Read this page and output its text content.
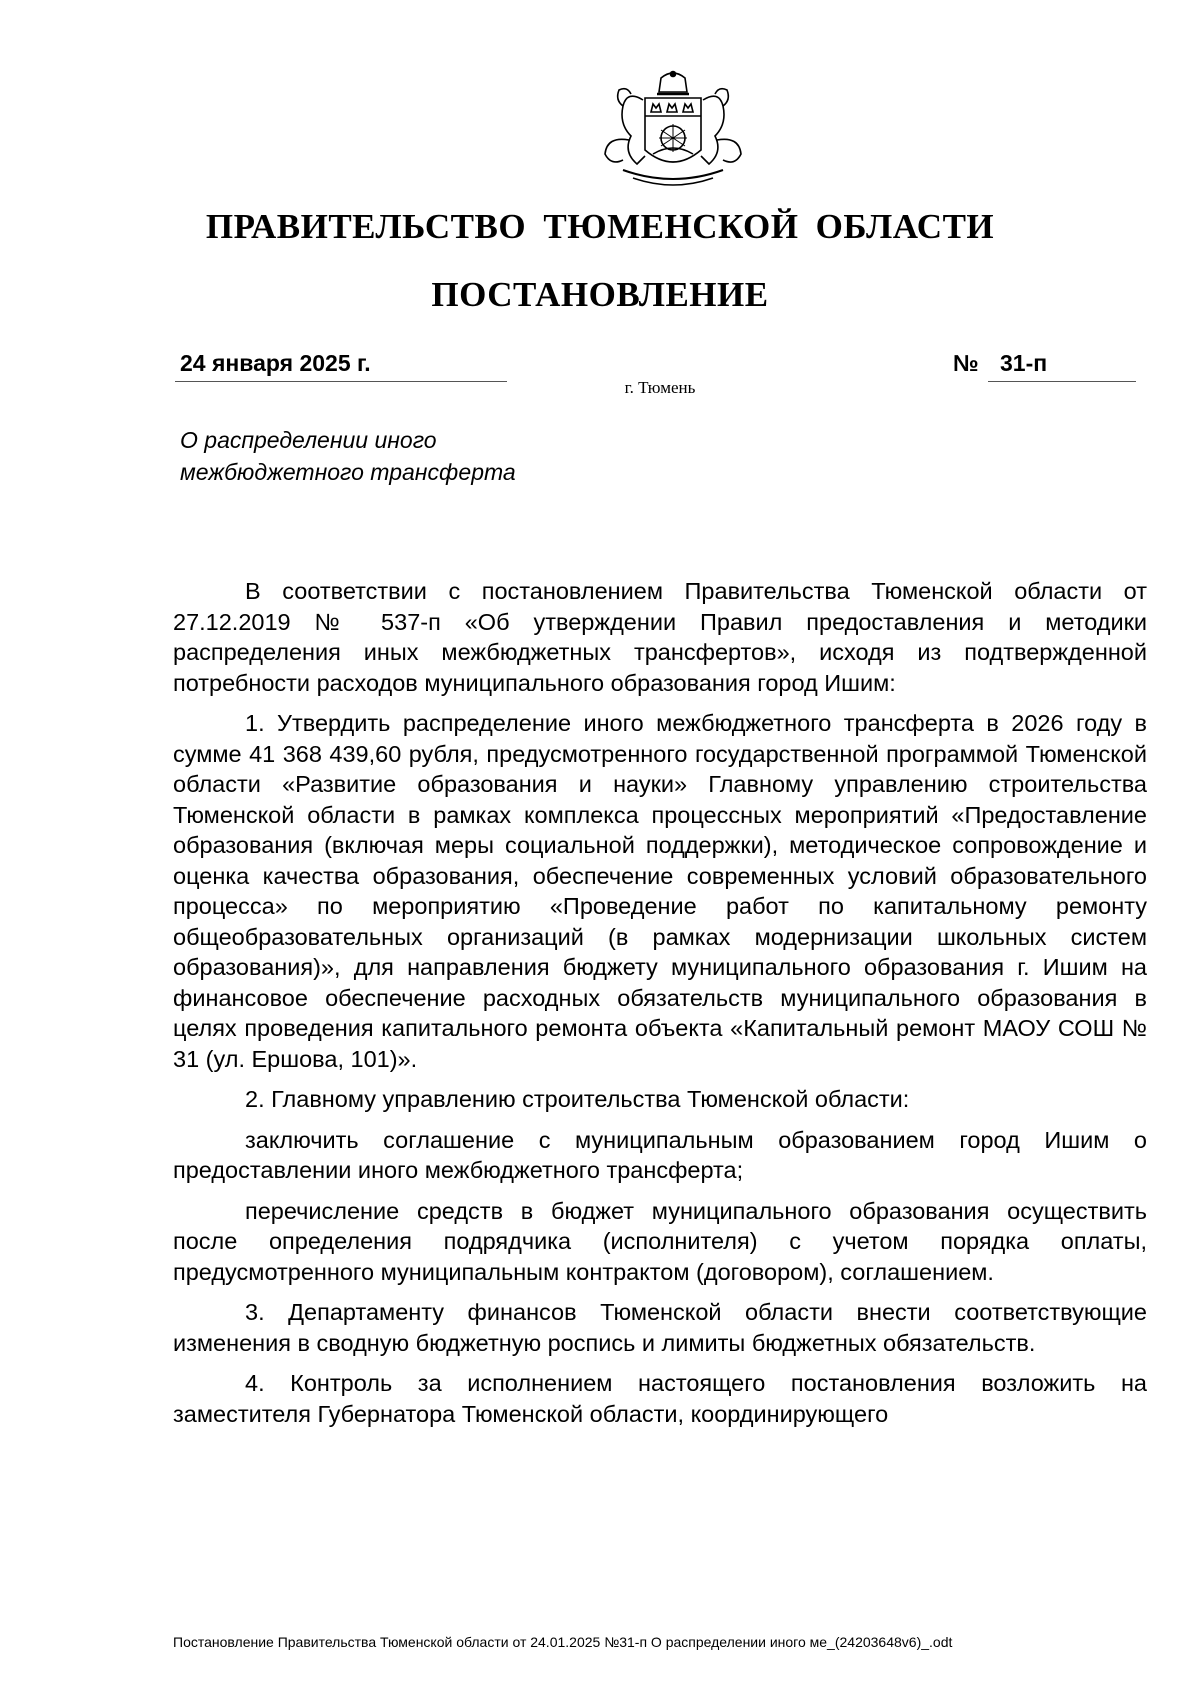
ПРАВИТЕЛЬСТВО ТЮМЕНСКОЙ ОБЛАСТИ
ПОСТАНОВЛЕНИЕ
24 января 2025 г.	№ 31-п
г. Тюмень
О распределении иного
межбюджетного трансферта

В соответствии с постановлением Правительства Тюменской области от 27.12.2019 № 537-п «Об утверждении Правил предоставления и методики распределения иных межбюджетных трансфертов», исходя из подтвержденной потребности расходов муниципального образования город Ишим:

1. Утвердить распределение иного межбюджетного трансферта в 2026 году в сумме 41 368 439,60 рубля, предусмотренного государственной программой Тюменской области «Развитие образования и науки» Главному управлению строительства Тюменской области в рамках комплекса процессных мероприятий «Предоставление образования (включая меры социальной поддержки), методическое сопровождение и оценка качества образования, обеспечение современных условий образовательного процесса» по мероприятию «Проведение работ по капитальному ремонту общеобразовательных организаций (в рамках модернизации школьных систем образования)», для направления бюджету муниципального образования г. Ишим на финансовое обеспечение расходных обязательств муниципального образования в целях проведения капитального ремонта объекта «Капитальный ремонт МАОУ СОШ № 31 (ул. Ершова, 101)».

2. Главному управлению строительства Тюменской области:

заключить соглашение с муниципальным образованием город Ишим о предоставлении иного межбюджетного трансферта;

перечисление средств в бюджет муниципального образования осуществить после определения подрядчика (исполнителя) с учетом порядка оплаты, предусмотренного муниципальным контрактом (договором), соглашением.

3. Департаменту финансов Тюменской области внести соответствующие изменения в сводную бюджетную роспись и лимиты бюджетных обязательств.

4. Контроль за исполнением настоящего постановления возложить на заместителя Губернатора Тюменской области, координирующего

Постановление Правительства Тюменской области от 24.01.2025 №31-п О распределении иного ме_(24203648v6)_.odt
